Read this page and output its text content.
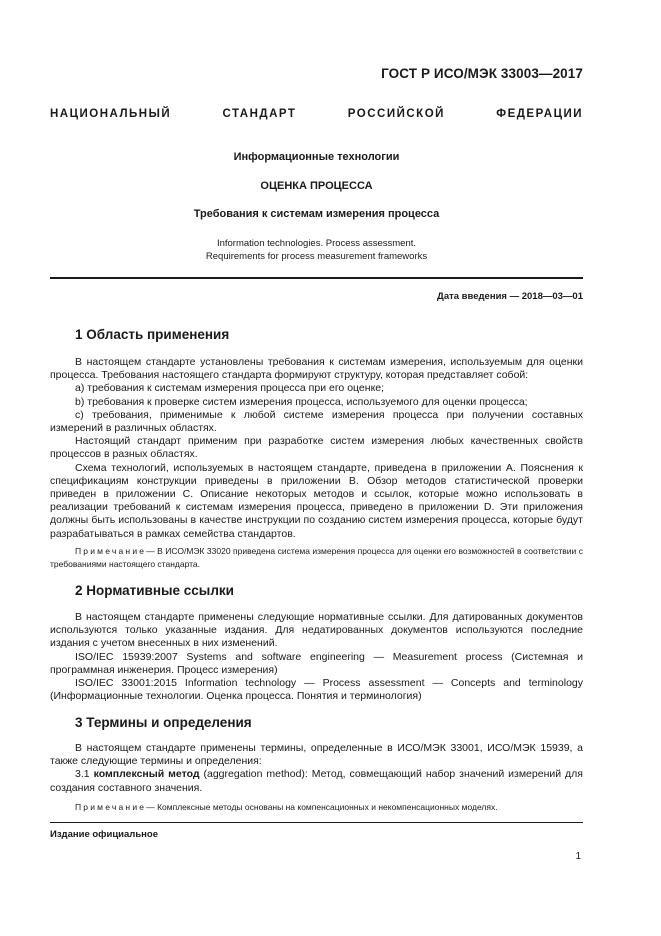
ГОСТ Р ИСО/МЭК 33003—2017
НАЦИОНАЛЬНЫЙ СТАНДАРТ РОССИЙСКОЙ ФЕДЕРАЦИИ
Информационные технологии
ОЦЕНКА ПРОЦЕССА
Требования к системам измерения процесса
Information technologies. Process assessment.
Requirements for process measurement frameworks
Дата введения — 2018—03—01
1 Область применения

В настоящем стандарте установлены требования к системам измерения, используемым для оценки процесса. Требования настоящего стандарта формируют структуру, которая представляет собой:

a) требования к системам измерения процесса при его оценке;

b) требования к проверке систем измерения процесса, используемого для оценки процесса;

c) требования, применимые к любой системе измерения процесса при получении составных измерений в различных областях.

Настоящий стандарт применим при разработке систем измерения любых качественных свойств процессов в разных областях.

Схема технологий, используемых в настоящем стандарте, приведена в приложении А. Пояснения к спецификациям конструкции приведены в приложении B. Обзор методов статистической проверки приведен в приложении C. Описание некоторых методов и ссылок, которые можно использовать в реализации требований к системам измерения процесса, приведено в приложении D. Эти приложения должны быть использованы в качестве инструкции по созданию систем измерения процесса, которые будут разрабатываться в рамках семейства стандартов.

Примечание— В ИСО/МЭК 33020 приведена система измерения процесса для оценки его возможностей в соответствии с требованиями настоящего стандарта.

2 Нормативные ссылки

В настоящем стандарте применены следующие нормативные ссылки. Для датированных документов используются только указанные издания. Для недатированных документов используются последние издания с учетом внесенных в них изменений.

ISO/IEC 15939:2007 Systems and software engineering — Measurement process (Системная и программная инженерия. Процесс измерения)

ISO/IEC 33001:2015 Information technology — Process assessment — Concepts and terminology (Информационные технологии. Оценка процесса. Понятия и терминология)

3 Термины и определения

В настоящем стандарте применены термины, определенные в ИСО/МЭК 33001, ИСО/МЭК 15939, а также следующие термины и определения:

3.1 комплексный метод (aggregation method): Метод, совмещающий набор значений измерений для создания составного значения.

Примечание— Комплексные методы основаны на компенсационных и некомпенсационных моделях.

Издание официальное
1
